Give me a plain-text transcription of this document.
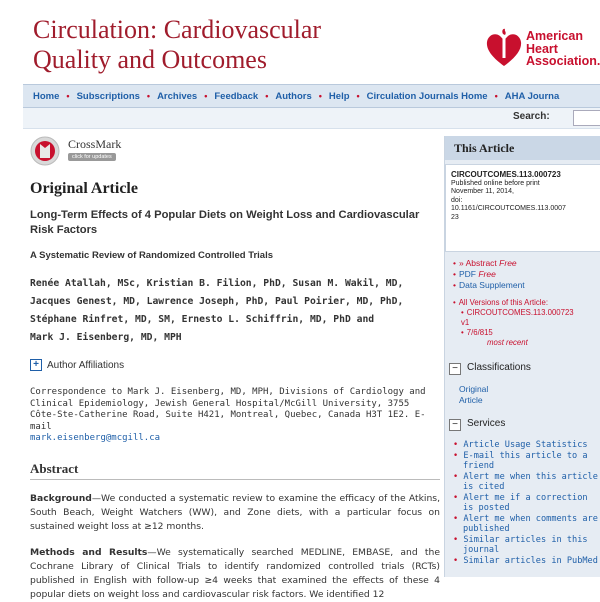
Circulation: Cardiovascular
Quality and Outcomes
American
Heart
Association.
Home • Subscriptions • Archives • Feedback • Authors • Help • Circulation Journals Home • AHA Journa
Search:
CrossMark
click for updates
Original Article
Long-Term Effects of 4 Popular Diets on Weight Loss and Cardiovascular Risk Factors
A Systematic Review of Randomized Controlled Trials
Renée Atallah, MSc, Kristian B. Filion, PhD, Susan M. Wakil, MD,
Jacques Genest, MD, Lawrence Joseph, PhD, Paul Poirier, MD, PhD,
Stéphane Rinfret, MD, SM, Ernesto L. Schiffrin, MD, PhD and
Mark J. Eisenberg, MD, MPH
+ Author Affiliations
Correspondence to Mark J. Eisenberg, MD, MPH, Divisions of Cardiology and Clinical Epidemiology, Jewish General Hospital/McGill University, 3755 Côte-Ste-Catherine Road, Suite H421, Montreal, Quebec, Canada H3T 1E2. E-mail
mark.eisenberg@mcgill.ca
Abstract
Background—We conducted a systematic review to examine the efficacy of the Atkins, South Beach, Weight Watchers (WW), and Zone diets, with a particular focus on sustained weight loss at ≥12 months.
Methods and Results—We systematically searched MEDLINE, EMBASE, and the Cochrane Library of Clinical Trials to identify randomized controlled trials (RCTs) published in English with follow-up ≥4 weeks that examined the effects of these 4 popular diets on weight loss and cardiovascular risk factors. We identified 12
This Article
CIRCOUTCOMES.113.000723
Published online before print
November 11, 2014,
doi:
10.1161/CIRCOUTCOMES.113.0007
23
• » Abstract Free
• PDF Free
• Data Supplement
• All Versions of this Article:
• CIRCOUTCOMES.113.000723
v1
• 7/6/815
most recent
− Classifications
Original
Article
− Services
• Article Usage Statistics
• E-mail this article to a friend
• Alert me when this article is cited
• Alert me if a correction is posted
• Alert me when comments are published
• Similar articles in this journal
• Similar articles in PubMed
